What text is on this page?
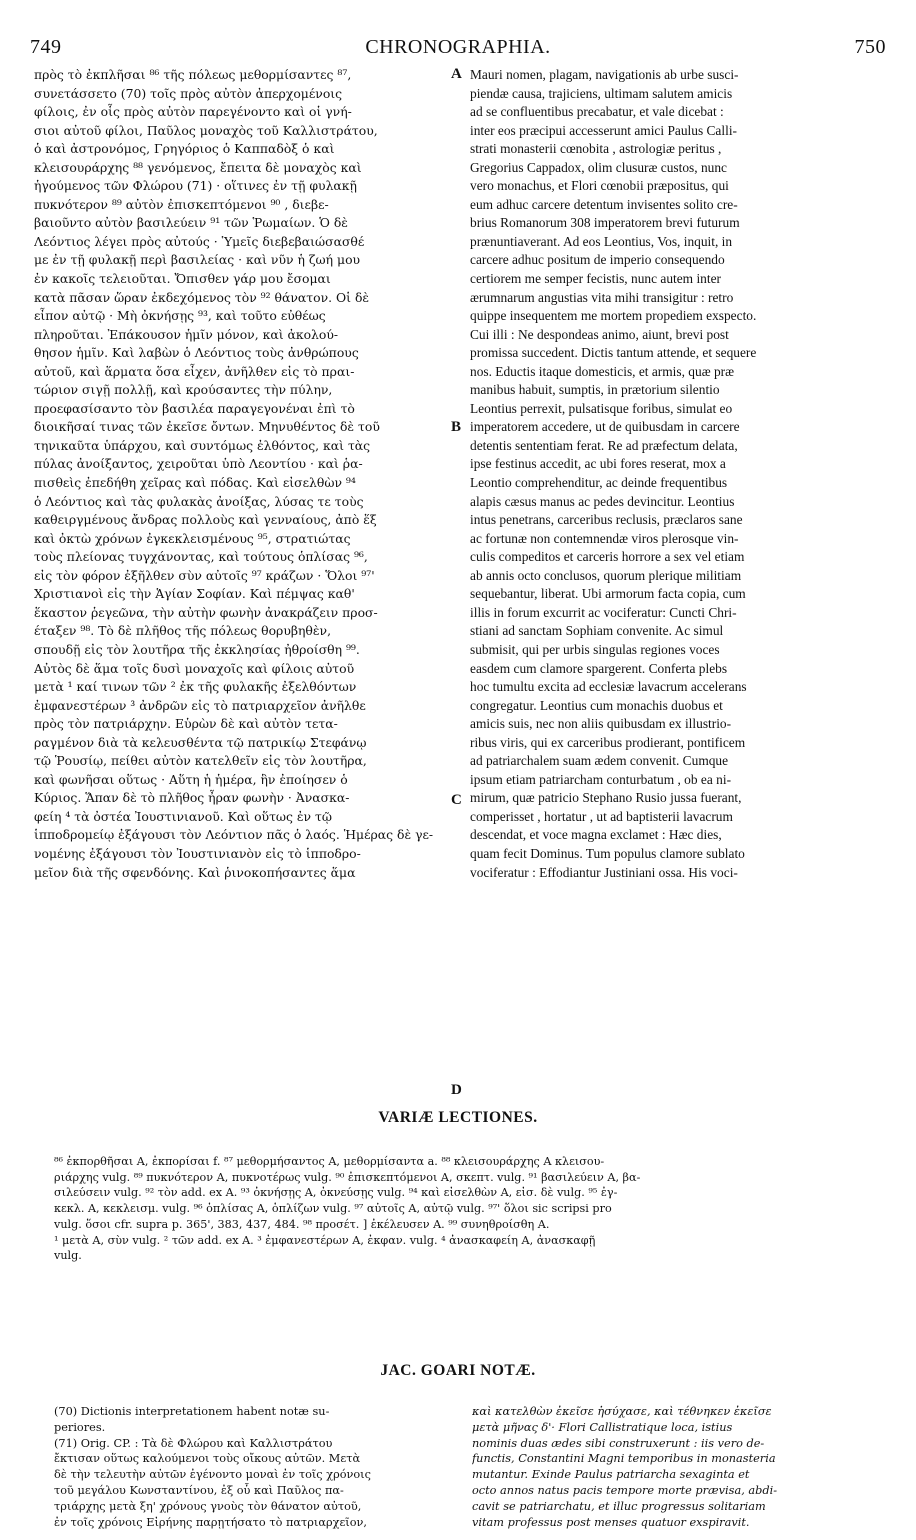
749	CHRONOGRAPHIA.	750
πρὸς τὸ ἐκπλῆσαι ⁸⁶ τῆς πόλεως μεθορμίσαντες ⁸⁷,
συνετάσσετο (70) τοῖς πρὸς αὐτὸν ἀπερχομένοις
φίλοις, ἐν οἷς πρὸς αὐτὸν παρεγένοντο καὶ οἱ γνή-
σιοι αὐτοῦ φίλοι, Παῦλος μοναχὸς τοῦ Καλλιστράτου,
ὁ καὶ ἀστρονόμος, Γρηγόριος ὁ Καππαδὸξ ὁ καὶ
κλεισουράρχης ⁸⁸ γενόμενος, ἔπειτα δὲ μοναχὸς καὶ
ἡγούμενος τῶν Φλώρου (71) · οἵτινες ἐν τῇ φυλακῇ
πυκνότερον ⁸⁹ αὐτὸν ἐπισκεπτόμενοι ⁹⁰ , διεβε-
βαιοῦντο αὐτὸν βασιλεύειν ⁹¹ τῶν Ῥωμαίων. Ὁ δὲ
Λεόντιος λέγει πρὸς αὐτούς · Ὑμεῖς διεβεβαιώσασθέ
με ἐν τῇ φυλακῇ περὶ βασιλείας · καὶ νῦν ἡ ζωή μου
ἐν κακοῖς τελειοῦται. Ὄπισθεν γάρ μου ἔσομαι
κατὰ πᾶσαν ὥραν ἐκδεχόμενος τὸν ⁹² θάνατον. Οἱ δὲ
εἶπον αὐτῷ · Μὴ ὀκνήσῃς ⁹³, καὶ τοῦτο εὐθέως
πληροῦται. Ἐπάκουσον ἡμῖν μόνον, καὶ ἀκολού-
θησον ἡμῖν. Καὶ λαβὼν ὁ Λεόντιος τοὺς ἀνθρώπους
αὐτοῦ, καὶ ἅρματα ὅσα εἶχεν, ἀνῆλθεν εἰς τὸ πραι-
τώριον σιγῇ πολλῇ, καὶ κρούσαντες τὴν πύλην,
προεφασίσαντο τὸν βασιλέα παραγεγονέναι ἐπὶ τὸ
διοικῆσαί τινας τῶν ἐκεῖσε ὄντων. Μηνυθέντος δὲ τοῦ
τηνικαῦτα ὑπάρχου, καὶ συντόμως ἐλθόντος, καὶ τὰς
πύλας ἀνοίξαντος, χειροῦται ὑπὸ Λεοντίου · καὶ ῥα-
πισθεὶς ἐπεδήθη χεῖρας καὶ πόδας. Καὶ εἰσελθὼν ⁹⁴
ὁ Λεόντιος καὶ τὰς φυλακὰς ἀνοίξας, λύσας τε τοὺς
καθειργμένους ἄνδρας πολλοὺς καὶ γενναίους, ἀπὸ ἕξ
καὶ ὀκτὼ χρόνων ἐγκεκλεισμένους ⁹⁵, στρατιώτας
τοὺς πλείονας τυγχάνοντας, καὶ τούτους ὁπλίσας ⁹⁶,
εἰς τὸν φόρον ἐξῆλθεν σὺν αὐτοῖς ⁹⁷ κράζων · Ὅλοι ⁹⁷'
Χριστιανοὶ εἰς τὴν Ἁγίαν Σοφίαν. Καὶ πέμψας καθ'
ἕκαστον ῥεγεῶνα, τὴν αὐτὴν φωνὴν ἀνακράζειν προσ-
έταξεν ⁹⁸. Τὸ δὲ πλῆθος τῆς πόλεως θορυβηθὲν,
σπουδῇ εἰς τὸν λουτῆρα τῆς ἐκκλησίας ἠθροίσθη ⁹⁹.
Αὐτὸς δὲ ἅμα τοῖς δυσὶ μοναχοῖς καὶ φίλοις αὐτοῦ
μετὰ ¹ καί τινων τῶν ² ἐκ τῆς φυλακῆς ἐξελθόντων
ἐμφανεστέρων ³ ἀνδρῶν εἰς τὸ πατριαρχεῖον ἀνῆλθε
πρὸς τὸν πατριάρχην. Εὑρὼν δὲ καὶ αὐτὸν τετα-
ραγμένον διὰ τὰ κελευσθέντα τῷ πατρικίῳ Στεφάνῳ
τῷ Ῥουσίῳ, πείθει αὐτὸν κατελθεῖν εἰς τὸν λουτῆρα,
καὶ φωνῆσαι οὕτως · Αὕτη ἡ ἡμέρα, ἣν ἐποίησεν ὁ
Κύριος. Ἅπαν δὲ τὸ πλῆθος ἦραν φωνὴν · Ἀνασκα-
φείη ⁴ τὰ ὀστέα Ἰουστινιανοῦ. Καὶ οὕτως ἐν τῷ
ἱπποδρομείῳ ἐξάγουσι τὸν Λεόντιον πᾶς ὁ λαός. Ἡμέρας δὲ γε-
νομένης ἐξάγουσι τὸν Ἰουστινιανὸν εἰς τὸ ἱπποδρο-
μεῖον διὰ τῆς σφενδόνης. Καὶ ῥινοκοπήσαντες ἅμα
A
B
C
D
Mauri nomen, plagam, navigationis ab urbe susci-
piendæ causa, trajiciens, ultimam salutem amicis
ad se confluentibus precabatur, et vale dicebat :
inter eos præcipui accesserunt amici Paulus Calli-
strati monasterii cœnobita , astrologiæ peritus ,
Gregorius Cappadox, olim clusuræ custos, nunc
vero monachus, et Flori cœnobii præpositus, qui
eum adhuc carcere detentum invisentes solito cre-
brius Romanorum 308 imperatorem brevi futurum
prænuntiaverant. Ad eos Leontius, Vos, inquit, in
carcere adhuc positum de imperio consequendo
certiorem me semper fecistis, nunc autem inter
ærumnarum angustias vita mihi transigitur : retro
quippe insequentem me mortem propediem exspecto.
Cui illi : Ne despondeas animo, aiunt, brevi post
promissa succedent. Dictis tantum attende, et sequere
nos. Eductis itaque domesticis, et armis, quæ præ
manibus habuit, sumptis, in prætorium silentio
Leontius perrexit, pulsatisque foribus, simulat eo
imperatorem accedere, ut de quibusdam in carcere
detentis sententiam ferat. Re ad præfectum delata,
ipse festinus accedit, ac ubi fores reserat, mox a
Leontio comprehenditur, ac deinde frequentibus
alapis cæsus manus ac pedes devincitur. Leontius
intus penetrans, carceribus reclusis, præclaros sane
ac fortunæ non contemnendæ viros plerosque vin-
culis compeditos et carceris horrore a sex vel etiam
ab annis octo conclusos, quorum plerique militiam
sequebantur, liberat. Ubi armorum facta copia, cum
illis in forum excurrit ac vociferatur: Cuncti Chri-
stiani ad sanctam Sophiam convenite. Ac simul
submisit, qui per urbis singulas regiones voces
easdem cum clamore spargerent. Conferta plebs
hoc tumultu excita ad ecclesiæ lavacrum accelerans
congregatur. Leontius cum monachis duobus et
amicis suis, nec non aliis quibusdam ex illustrio-
ribus viris, qui ex carceribus prodierant, pontificem
ad patriarchalem suam ædem convenit. Cumque
ipsum etiam patriarcham conturbatum , ob ea ni-
mirum, quæ patricio Stephano Rusio jussa fuerant,
comperisset , hortatur , ut ad baptisterii lavacrum
descendat, et voce magna exclamet : Hæc dies,
quam fecit Dominus. Tum populus clamore sublato
vociferatur : Effodiantur Justiniani ossa. His voci-
VARIÆ LECTIONES.
⁸⁶ ἐκπορθῆσαι A, ἐκπορίσαι f. ⁸⁷ μεθορμήσαντος A, μεθορμίσαντα a. ⁸⁸ κλεισουράρχης A κλεισου-
ριάρχης vulg. ⁸⁹ πυκνότερον A, πυκνοτέρως vulg. ⁹⁰ ἐπισκεπτόμενοι A, σκεπτ. vulg. ⁹¹ βασιλεύειν A, βα-
σιλεύσειν vulg. ⁹² τὸν add. ex A. ⁹³ ὀκνήσῃς A, ὀκνεύσῃς vulg. ⁹⁴ καὶ εἰσελθὼν A, εἰσ. δὲ vulg. ⁹⁵ ἐγ-
κεκλ. A, κεκλεισμ. vulg. ⁹⁶ ὁπλίσας A, ὁπλίζων vulg. ⁹⁷ αὐτοῖς A, αὐτῷ vulg. ⁹⁷' ὅλοι sic scripsi pro
vulg. ὅσοι cfr. supra p. 365', 383, 437, 484. ⁹⁸ προσέτ. ] ἐκέλευσεν A. ⁹⁹ συνηθροίσθη A.
¹ μετὰ A, σὺν vulg. ² τῶν add. ex A. ³ ἐμφανεστέρων A, ἐκφαν. vulg. ⁴ ἀνασκαφείη A, ἀνασκαφῇ
vulg.
JAC. GOARI NOTÆ.
(70) Dictionis interpretationem habent notæ su-
periores.
(71) Orig. CP. : Τὰ δὲ Φλώρου καὶ Καλλιστράτου
ἔκτισαν οὕτως καλούμενοι τοὺς οἴκους αὐτῶν. Μετὰ
δὲ τὴν τελευτὴν αὐτῶν ἐγένοντο μοναὶ ἐν τοῖς χρόνοις
τοῦ μεγάλου Κωνσταντίνου, ἐξ οὗ καὶ Παῦλος πα-
τριάρχης μετὰ ξη' χρόνους γνοὺς τὸν θάνατον αὐτοῦ,
ἐν τοῖς χρόνοις Εἰρήνης παρῃτήσατο τὸ πατριαρχεῖον,
καὶ κατελθὼν ἐκεῖσε ἡσύχασε, καὶ τέθνηκεν ἐκεῖσε
μετὰ μῆνας δ'· Flori Callistratique loca, istius
nominis duas ædes sibi construxerunt : iis vero de-
functis, Constantini Magni temporibus in monasteria
mutantur. Exinde Paulus patriarcha sexaginta et
octo annos natus pacis tempore morte prævisa, abdi-
cavit se patriarchatu, et illuc progressus solitariam
vitam professus post menses quatuor exspiravit.
